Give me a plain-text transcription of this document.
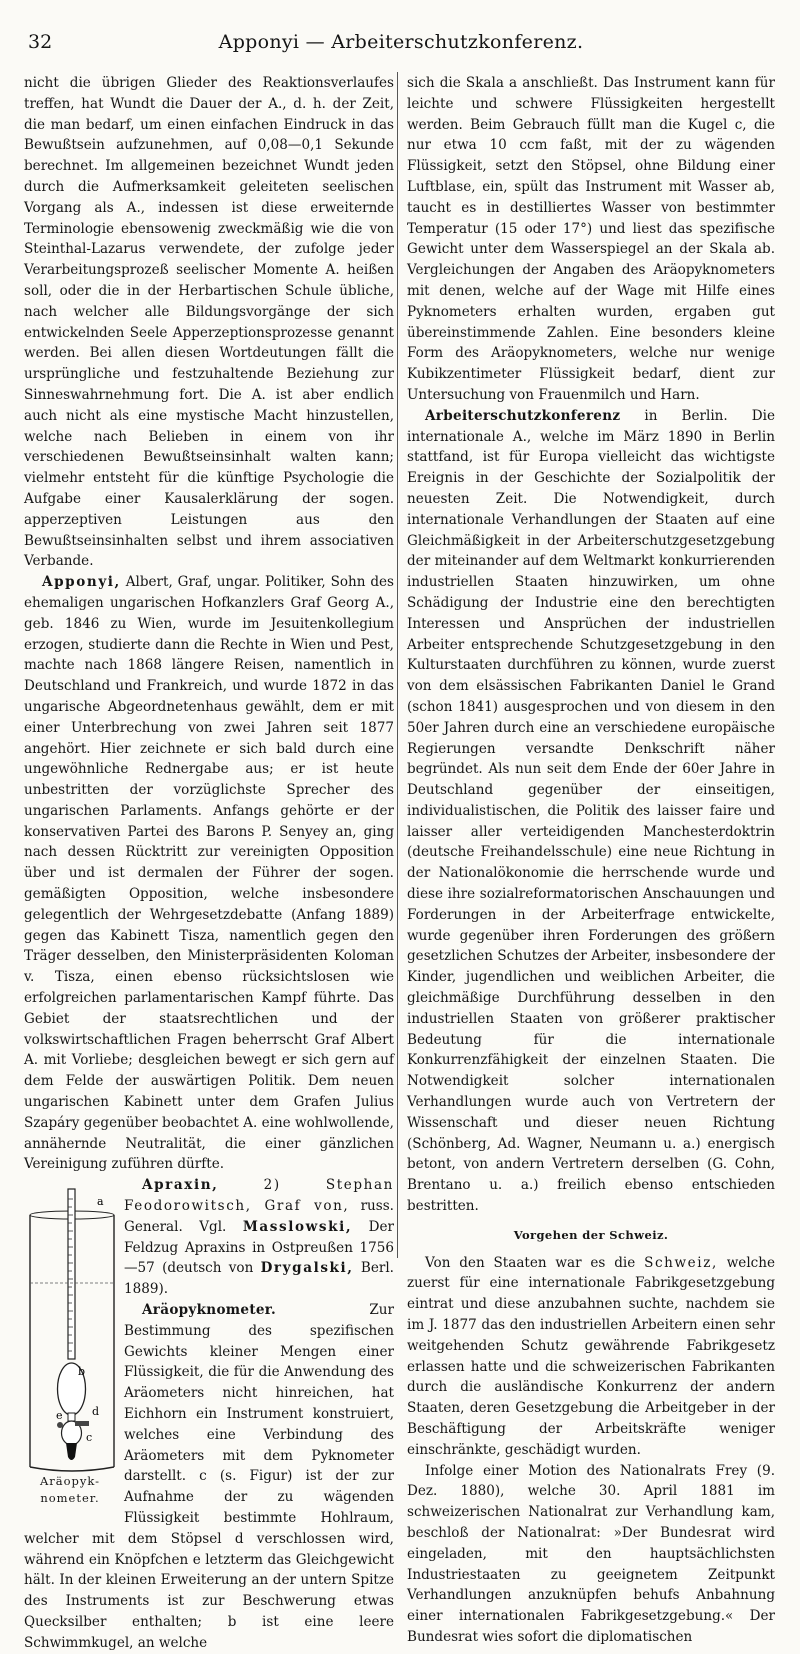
32	Apponyi — Arbeiterschutzkonferenz.

nicht die übrigen Glieder des Reaktionsverlaufes treffen, hat Wundt die Dauer der A., d. h. der Zeit, die man bedarf, um einen einfachen Eindruck in das Bewußtsein aufzunehmen, auf 0,08—0,1 Sekunde berechnet. Im allgemeinen bezeichnet Wundt jeden durch die Aufmerksamkeit geleiteten seelischen Vorgang als A., indessen ist diese erweiternde Terminologie ebensowenig zweckmäßig wie die von Steinthal-Lazarus verwendete, der zufolge jeder Verarbeitungsprozeß seelischer Momente A. heißen soll, oder die in der Herbartischen Schule übliche, nach welcher alle Bildungsvorgänge der sich entwickelnden Seele Apperzeptionsprozesse genannt werden. Bei allen diesen Wortdeutungen fällt die ursprüngliche und festzuhaltende Beziehung zur Sinneswahrnehmung fort. Die A. ist aber endlich auch nicht als eine mystische Macht hinzustellen, welche nach Belieben in einem von ihr verschiedenen Bewußtseinsinhalt walten kann; vielmehr entsteht für die künftige Psychologie die Aufgabe einer Kausalerklärung der sogen. apperzeptiven Leistungen aus den Bewußtseinsinhalten selbst und ihrem associativen Verbande.

Apponyi, Albert, Graf, ungar. Politiker, Sohn des ehemaligen ungarischen Hofkanzlers Graf Georg A., geb. 1846 zu Wien, wurde im Jesuitenkollegium erzogen, studierte dann die Rechte in Wien und Pest, machte nach 1868 längere Reisen, namentlich in Deutschland und Frankreich, und wurde 1872 in das ungarische Abgeordnetenhaus gewählt, dem er mit einer Unterbrechung von zwei Jahren seit 1877 angehört. Hier zeichnete er sich bald durch eine ungewöhnliche Rednergabe aus; er ist heute unbestritten der vorzüglichste Sprecher des ungarischen Parlaments. Anfangs gehörte er der konservativen Partei des Barons P. Senyey an, ging nach dessen Rücktritt zur vereinigten Opposition über und ist dermalen der Führer der sogen. gemäßigten Opposition, welche insbesondere gelegentlich der Wehrgesetzdebatte (Anfang 1889) gegen das Kabinett Tisza, namentlich gegen den Träger desselben, den Ministerpräsidenten Koloman v. Tisza, einen ebenso rücksichtslosen wie erfolgreichen parlamentarischen Kampf führte. Das Gebiet der staatsrechtlichen und der volkswirtschaftlichen Fragen beherrscht Graf Albert A. mit Vorliebe; desgleichen bewegt er sich gern auf dem Felde der auswärtigen Politik. Dem neuen ungarischen Kabinett unter dem Grafen Julius Szapáry gegenüber beobachtet A. eine wohlwollende, annähernde Neutralität, die einer gänzlichen Vereinigung zuführen dürfte.

a
b
d
e
c
Aräopyk-
nometer.

Apraxin, 2) Stephan Feodorowitsch, Graf von, russ. General. Vgl. Masslowski, Der Feldzug Apraxins in Ostpreußen 1756—57 (deutsch von Drygalski, Berl. 1889).

Aräopyknometer. Zur Bestimmung des spezifischen Gewichts kleiner Mengen einer Flüssigkeit, die für die Anwendung des Aräometers nicht hinreichen, hat Eichhorn ein Instrument konstruiert, welches eine Verbindung des Aräometers mit dem Pyknometer darstellt. c (s. Figur) ist der zur Aufnahme der zu wägenden Flüssigkeit bestimmte Hohlraum, welcher mit dem Stöpsel d verschlossen wird, während ein Knöpfchen e letzterm das Gleichgewicht hält. In der kleinen Erweiterung an der untern Spitze des Instruments ist zur Beschwerung etwas Quecksilber enthalten; b ist eine leere Schwimmkugel, an welche

sich die Skala a anschließt. Das Instrument kann für leichte und schwere Flüssigkeiten hergestellt werden. Beim Gebrauch füllt man die Kugel c, die nur etwa 10 ccm faßt, mit der zu wägenden Flüssigkeit, setzt den Stöpsel, ohne Bildung einer Luftblase, ein, spült das Instrument mit Wasser ab, taucht es in destilliertes Wasser von bestimmter Temperatur (15 oder 17°) und liest das spezifische Gewicht unter dem Wasserspiegel an der Skala ab. Vergleichungen der Angaben des Aräopyknometers mit denen, welche auf der Wage mit Hilfe eines Pyknometers erhalten wurden, ergaben gut übereinstimmende Zahlen. Eine besonders kleine Form des Aräopyknometers, welche nur wenige Kubikzentimeter Flüssigkeit bedarf, dient zur Untersuchung von Frauenmilch und Harn.

Arbeiterschutzkonferenz in Berlin. Die internationale A., welche im März 1890 in Berlin stattfand, ist für Europa vielleicht das wichtigste Ereignis in der Geschichte der Sozialpolitik der neuesten Zeit. Die Notwendigkeit, durch internationale Verhandlungen der Staaten auf eine Gleichmäßigkeit in der Arbeiterschutzgesetzgebung der miteinander auf dem Weltmarkt konkurrierenden industriellen Staaten hinzuwirken, um ohne Schädigung der Industrie eine den berechtigten Interessen und Ansprüchen der industriellen Arbeiter entsprechende Schutzgesetzgebung in den Kulturstaaten durchführen zu können, wurde zuerst von dem elsässischen Fabrikanten Daniel le Grand (schon 1841) ausgesprochen und von diesem in den 50er Jahren durch eine an verschiedene europäische Regierungen versandte Denkschrift näher begründet. Als nun seit dem Ende der 60er Jahre in Deutschland gegenüber der einseitigen, individualistischen, die Politik des laisser faire und laisser aller verteidigenden Manchesterdoktrin (deutsche Freihandelsschule) eine neue Richtung in der Nationalökonomie die herrschende wurde und diese ihre sozialreformatorischen Anschauungen und Forderungen in der Arbeiterfrage entwickelte, wurde gegenüber ihren Forderungen des größern gesetzlichen Schutzes der Arbeiter, insbesondere der Kinder, jugendlichen und weiblichen Arbeiter, die gleichmäßige Durchführung desselben in den industriellen Staaten von größerer praktischer Bedeutung für die internationale Konkurrenzfähigkeit der einzelnen Staaten. Die Notwendigkeit solcher internationalen Verhandlungen wurde auch von Vertretern der Wissenschaft und dieser neuen Richtung (Schönberg, Ad. Wagner, Neumann u. a.) energisch betont, von andern Vertretern derselben (G. Cohn, Brentano u. a.) freilich ebenso entschieden bestritten.

Vorgehen der Schweiz.

Von den Staaten war es die Schweiz, welche zuerst für eine internationale Fabrikgesetzgebung eintrat und diese anzubahnen suchte, nachdem sie im J. 1877 das den industriellen Arbeitern einen sehr weitgehenden Schutz gewährende Fabrikgesetz erlassen hatte und die schweizerischen Fabrikanten durch die ausländische Konkurrenz der andern Staaten, deren Gesetzgebung die Arbeitgeber in der Beschäftigung der Arbeitskräfte weniger einschränkte, geschädigt wurden.

Infolge einer Motion des Nationalrats Frey (9. Dez. 1880), welche 30. April 1881 im schweizerischen Nationalrat zur Verhandlung kam, beschloß der Nationalrat: »Der Bundesrat wird eingeladen, mit den hauptsächlichsten Industriestaaten zu geeignetem Zeitpunkt Verhandlungen anzuknüpfen behufs Anbahnung einer internationalen Fabrikgesetzgebung.« Der Bundesrat wies sofort die diplomatischen
